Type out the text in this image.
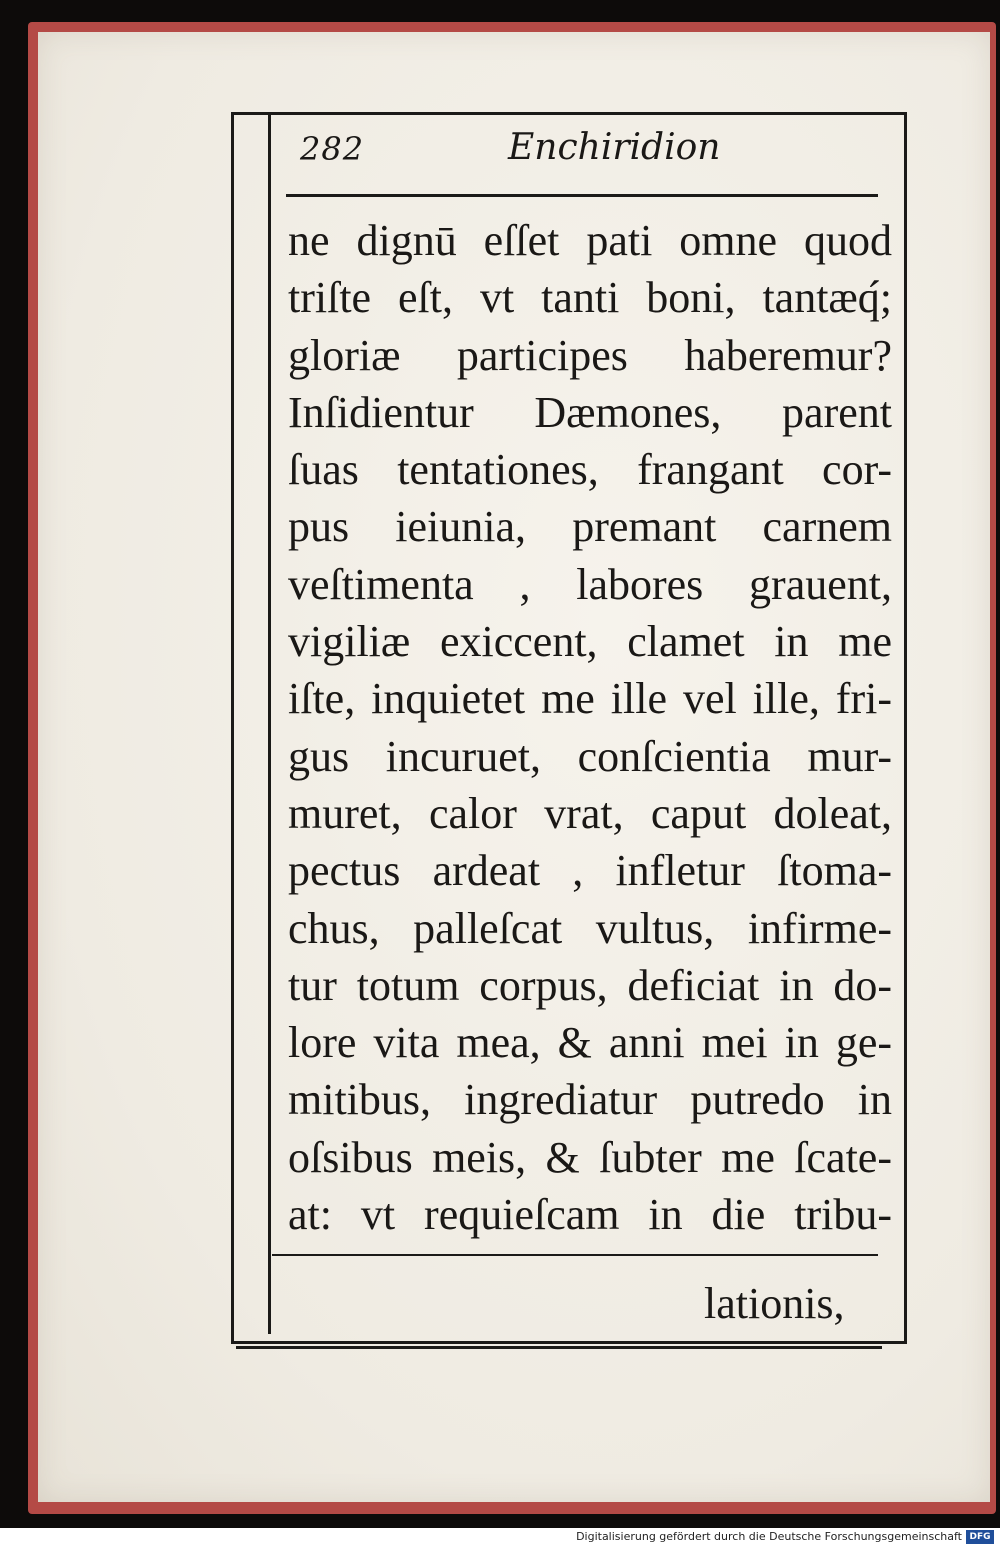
282	Enchiridion
ne dignū eſſet pati omne quod
triſte eſt, vt tanti boni, tantæq́;
gloriæ participes haberemur?
Inſidientur Dæmones, parent
ſuas tentationes, frangant cor-
pus ieiunia, premant carnem
veſtimenta , labores grauent,
vigiliæ exiccent, clamet in me
iſte, inquietet me ille vel ille, fri-
gus incuruet, conſcientia mur-
muret, calor vrat, caput doleat,
pectus ardeat , infletur ſtoma-
chus, palleſcat vultus, infirme-
tur totum corpus, deficiat in do-
lore vita mea, & anni mei in ge-
mitibus, ingrediatur putredo in
oſsibus meis, & ſubter me ſcate-
at: vt requieſcam in die tribu-
lationis,
Digitalisierung gefördert durch die Deutsche Forschungsgemeinschaft DFG
